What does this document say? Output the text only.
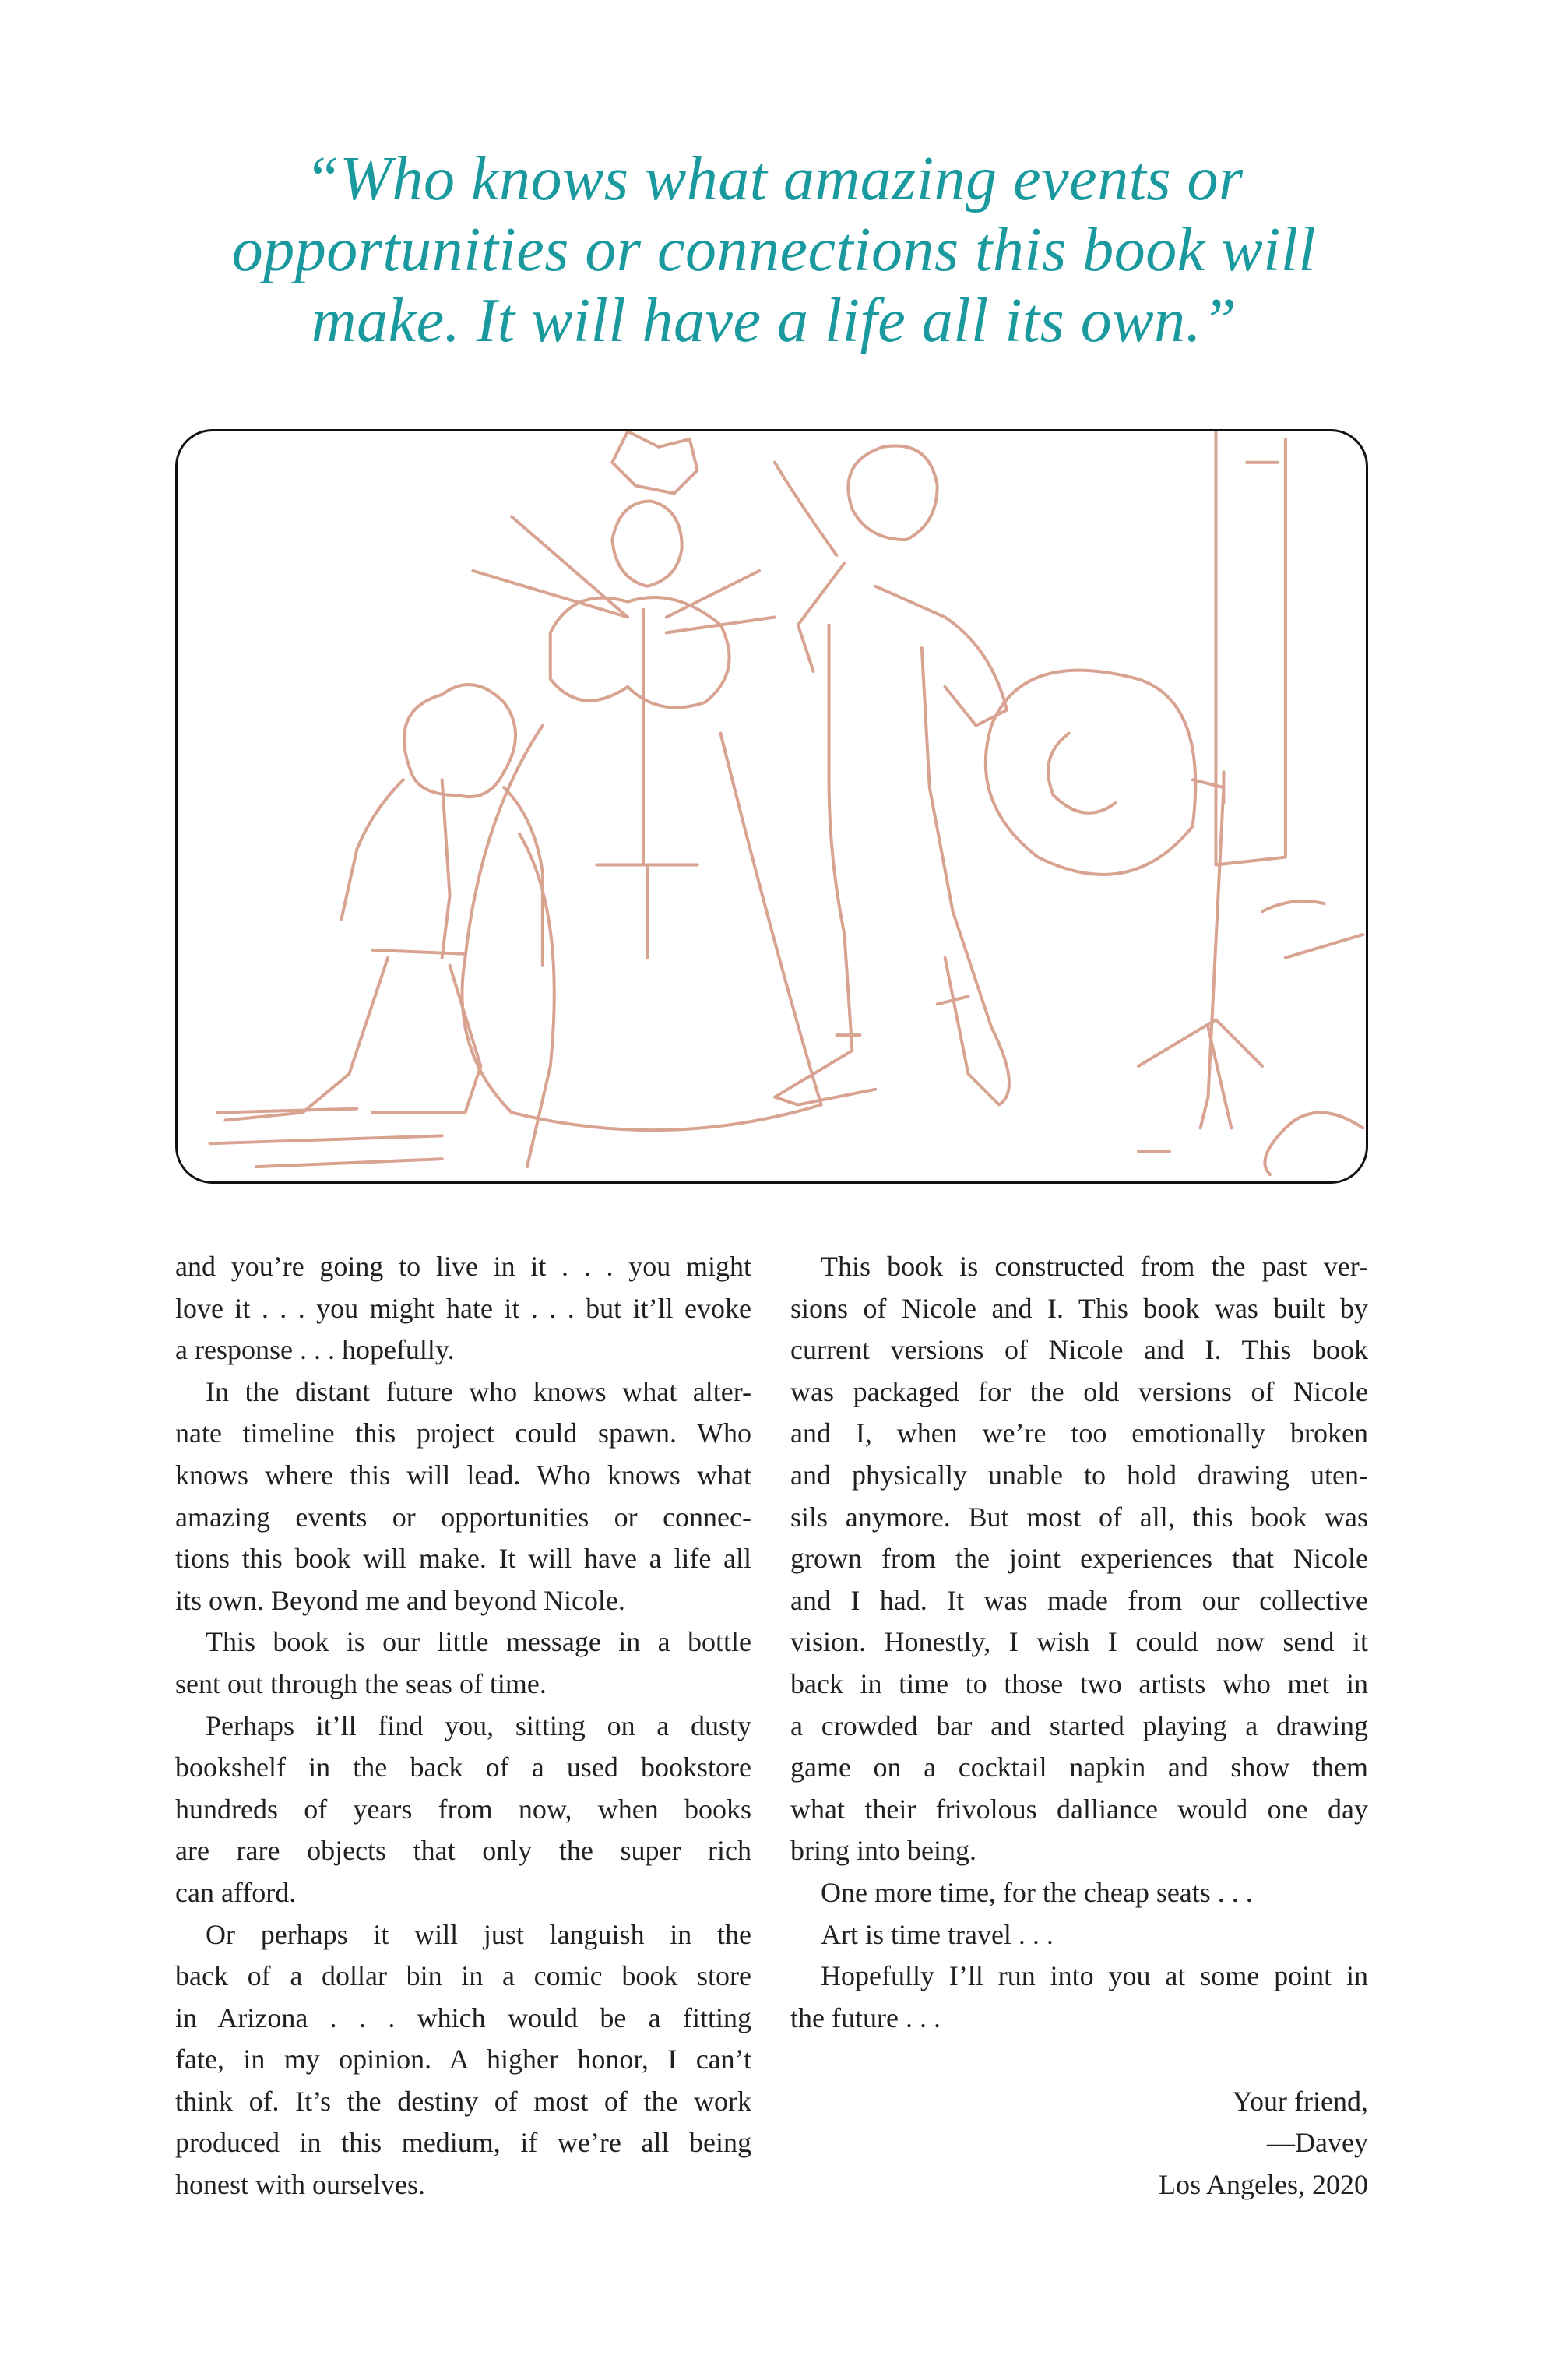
“Who knows what amazing events or
opportunities or connections this book will
make. It will have a life all its own.”
and you’re going to live in it . . . you might
love it . . . you might hate it . . . but it’ll evoke
a response . . . hopefully.
In the distant future who knows what alter-
nate timeline this project could spawn. Who
knows where this will lead. Who knows what
amazing events or opportunities or connec-
tions this book will make. It will have a life all
its own. Beyond me and beyond Nicole.
This book is our little message in a bottle
sent out through the seas of time.
Perhaps it’ll find you, sitting on a dusty
bookshelf in the back of a used bookstore
hundreds of years from now, when books
are rare objects that only the super rich
can afford.
Or perhaps it will just languish in the
back of a dollar bin in a comic book store
in Arizona . . . which would be a fitting
fate, in my opinion. A higher honor, I can’t
think of. It’s the destiny of most of the work
produced in this medium, if we’re all being
honest with ourselves.
This book is constructed from the past ver-
sions of Nicole and I. This book was built by
current versions of Nicole and I. This book
was packaged for the old versions of Nicole
and I, when we’re too emotionally broken
and physically unable to hold drawing uten-
sils anymore. But most of all, this book was
grown from the joint experiences that Nicole
and I had. It was made from our collective
vision. Honestly, I wish I could now send it
back in time to those two artists who met in
a crowded bar and started playing a drawing
game on a cocktail napkin and show them
what their frivolous dalliance would one day
bring into being.
One more time, for the cheap seats . . .
Art is time travel . . .
Hopefully I’ll run into you at some point in
the future . . .
Your friend,
—Davey
Los Angeles, 2020
